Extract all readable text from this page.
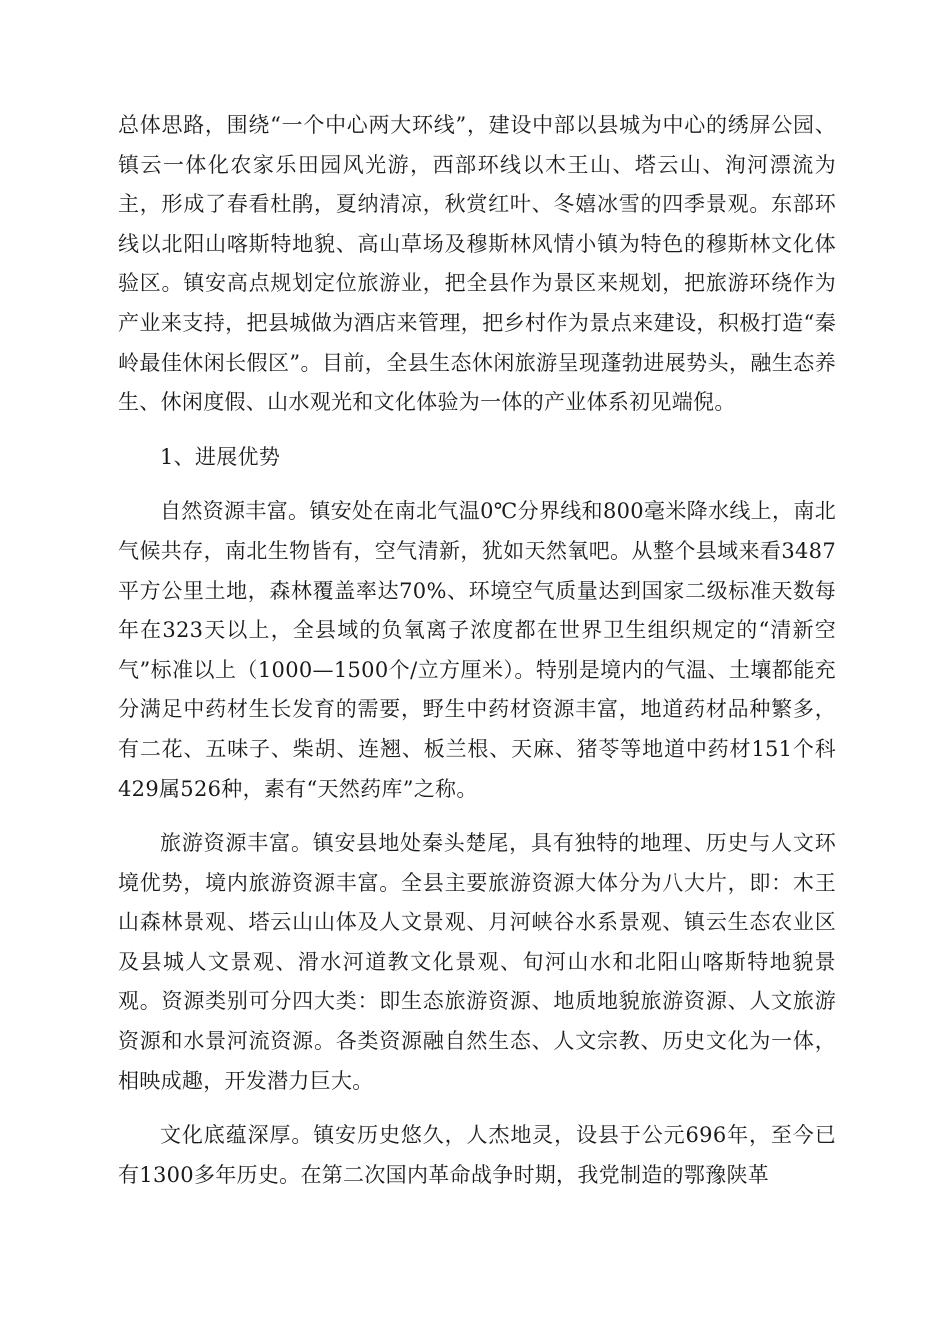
总体思路，围绕“一个中心两大环线”，建设中部以县城为中心的绣屏公园、镇云一体化农家乐田园风光游，西部环线以木王山、塔云山、洵河漂流为主，形成了春看杜鹃，夏纳清凉，秋赏红叶、冬嬉冰雪的四季景观。东部环线以北阳山喀斯特地貌、高山草场及穆斯林风情小镇为特色的穆斯林文化体验区。镇安高点规划定位旅游业，把全县作为景区来规划，把旅游环绕作为产业来支持，把县城做为酒店来管理，把乡村作为景点来建设，积极打造“秦岭最佳休闲长假区”。目前，全县生态休闲旅游呈现蓬勃进展势头，融生态养生、休闲度假、山水观光和文化体验为一体的产业体系初见端倪。

1、进展优势

自然资源丰富。镇安处在南北气温0℃分界线和800毫米降水线上，南北气候共存，南北生物皆有，空气清新，犹如天然氧吧。从整个县域来看3487平方公里土地，森林覆盖率达70%、环境空气质量达到国家二级标准天数每年在323天以上，全县域的负氧离子浓度都在世界卫生组织规定的“清新空气”标准以上（1000—1500个/立方厘米）。特别是境内的气温、土壤都能充分满足中药材生长发育的需要，野生中药材资源丰富，地道药材品种繁多，有二花、五味子、柴胡、连翘、板兰根、天麻、猪苓等地道中药材151个科429属526种，素有“天然药库”之称。

旅游资源丰富。镇安县地处秦头楚尾，具有独特的地理、历史与人文环境优势，境内旅游资源丰富。全县主要旅游资源大体分为八大片，即：木王山森林景观、塔云山山体及人文景观、月河峡谷水系景观、镇云生态农业区及县城人文景观、滑水河道教文化景观、旬河山水和北阳山喀斯特地貌景观。资源类别可分四大类：即生态旅游资源、地质地貌旅游资源、人文旅游资源和水景河流资源。各类资源融自然生态、人文宗教、历史文化为一体，相映成趣，开发潜力巨大。

文化底蕴深厚。镇安历史悠久，人杰地灵，设县于公元696年，至今已有1300多年历史。在第二次国内革命战争时期，我党制造的鄂豫陕革
